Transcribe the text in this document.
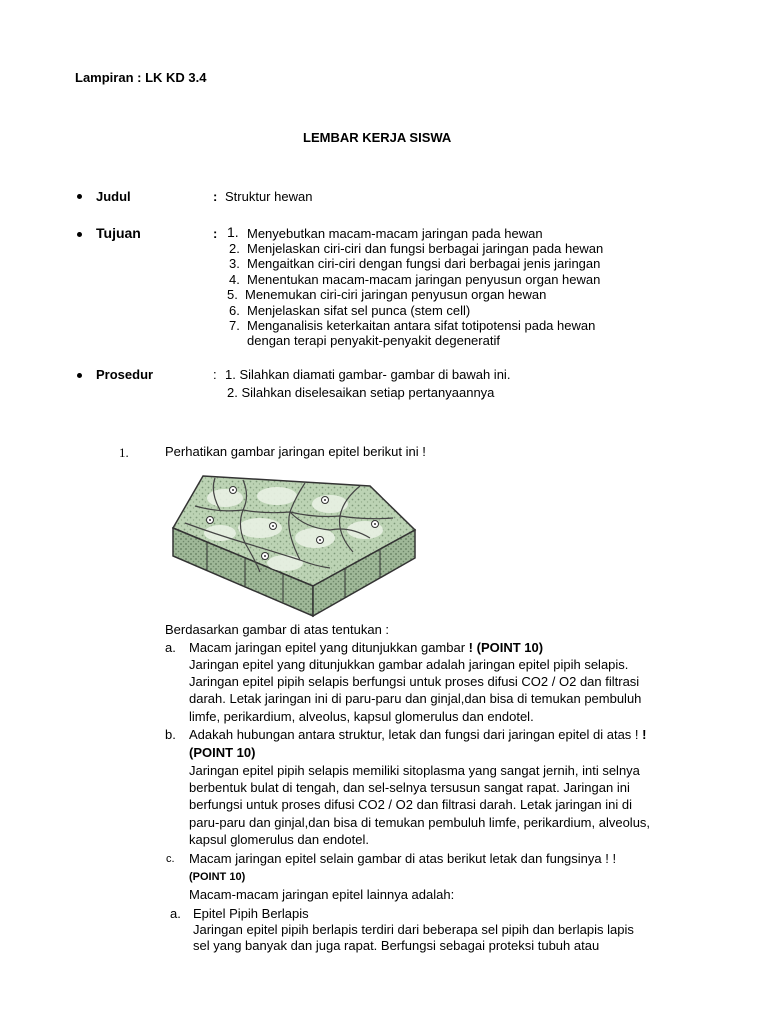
Lampiran : LK KD 3.4
LEMBAR KERJA SISWA
Judul	: Struktur hewan
Tujuan	: 1. Menyebutkan macam-macam jaringan pada hewan
2. Menjelaskan ciri-ciri dan fungsi berbagai jaringan pada hewan
3. Mengaitkan ciri-ciri dengan fungsi dari berbagai jenis jaringan
4. Menentukan macam-macam jaringan penyusun organ hewan
5. Menemukan ciri-ciri jaringan penyusun organ hewan
6. Menjelaskan sifat sel punca (stem cell)
7. Menganalisis keterkaitan antara sifat totipotensi pada hewan
dengan terapi penyakit-penyakit degeneratif
Prosedur	: 1. Silahkan diamati gambar- gambar di bawah ini.
2. Silahkan diselesaikan setiap pertanyaannya
1.	Perhatikan gambar jaringan epitel berikut ini !
Berdasarkan gambar di atas tentukan :
a. Macam jaringan epitel yang ditunjukkan gambar ! (POINT 10)
Jaringan epitel yang ditunjukkan gambar adalah jaringan epitel pipih selapis.
Jaringan epitel pipih selapis berfungsi untuk proses difusi CO2 / O2 dan filtrasi
darah. Letak jaringan ini di paru-paru dan ginjal,dan bisa di temukan pembuluh
limfe, perikardium, alveolus, kapsul glomerulus dan endotel.
b. Adakah hubungan antara struktur, letak dan fungsi dari jaringan epitel di atas ! !
(POINT 10)
Jaringan epitel pipih selapis memiliki sitoplasma yang sangat jernih, inti selnya
berbentuk bulat di tengah, dan sel-selnya tersusun sangat rapat. Jaringan ini
berfungsi untuk proses difusi CO2 / O2 dan filtrasi darah. Letak jaringan ini di
paru-paru dan ginjal,dan bisa di temukan pembuluh limfe, perikardium, alveolus,
kapsul glomerulus dan endotel.
c. Macam jaringan epitel selain gambar di atas berikut letak dan fungsinya ! !
(POINT 10)
Macam-macam jaringan epitel lainnya adalah:
a. Epitel Pipih Berlapis
Jaringan epitel pipih berlapis terdiri dari beberapa sel pipih dan berlapis lapis
sel yang banyak dan juga rapat. Berfungsi sebagai proteksi tubuh atau
